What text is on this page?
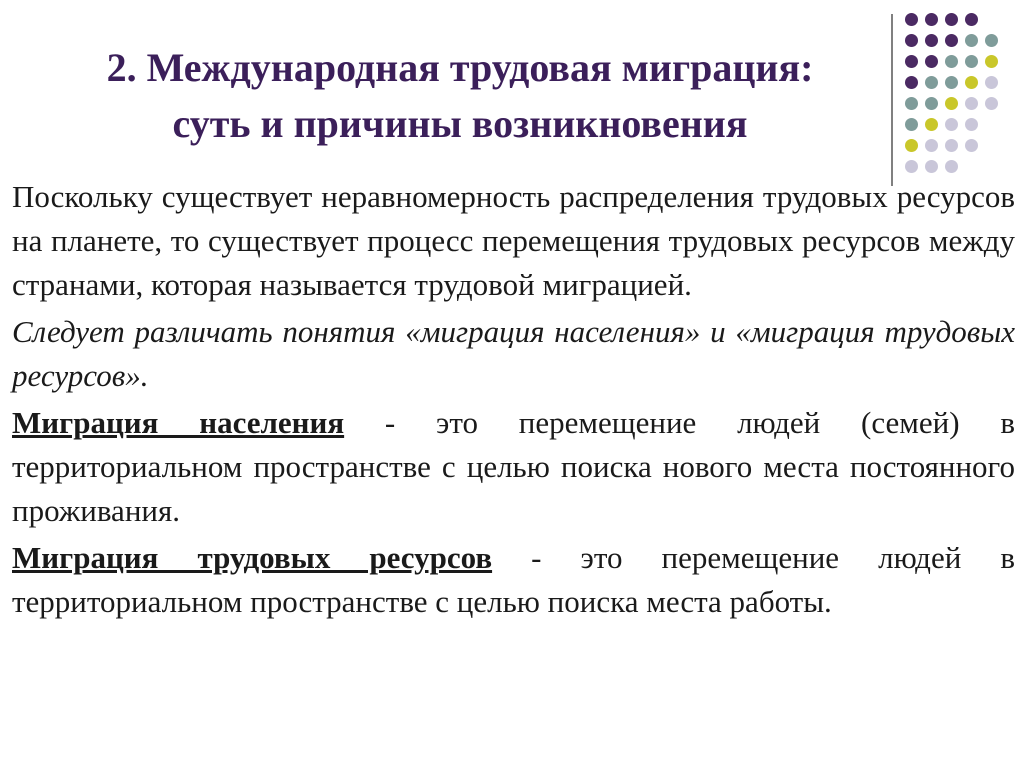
2. Международная трудовая миграция:
суть и причины возникновения

Поскольку существует неравномерность распределения трудовых ресурсов на планете, то существует процесс перемещения трудовых ресурсов между странами, которая называется трудовой миграцией.

Следует различать понятия «миграция населения» и «миграция трудовых ресурсов».

Миграция населения - это перемещение людей (семей) в территориальном пространстве с целью поиска нового места постоянного проживания.

Миграция трудовых ресурсов - это перемещение людей в территориальном пространстве с целью поиска места работы.
